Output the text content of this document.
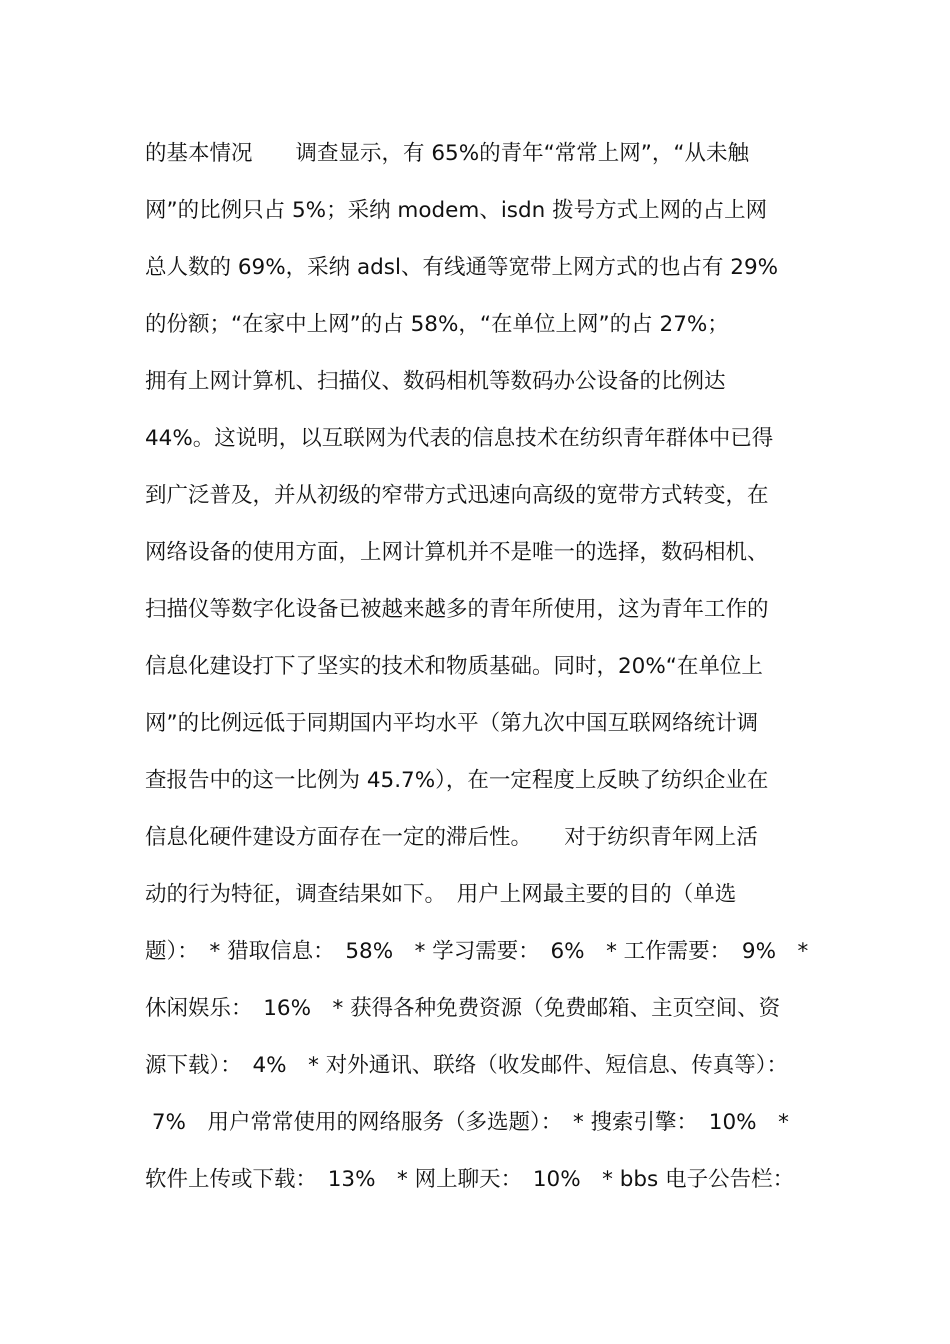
的基本情况　　调查显示，有 65%的青年“常常上网”，“从未触
网”的比例只占 5%；采纳 modem、isdn 拨号方式上网的占上网
总人数的 69%，采纳 adsl、有线通等宽带上网方式的也占有 29%
的份额；“在家中上网”的占 58%，“在单位上网”的占 27%；
拥有上网计算机、扫描仪、数码相机等数码办公设备的比例达
44%。这说明，以互联网为代表的信息技术在纺织青年群体中已得
到广泛普及，并从初级的窄带方式迅速向高级的宽带方式转变，在
网络设备的使用方面，上网计算机并不是唯一的选择，数码相机、
扫描仪等数字化设备已被越来越多的青年所使用，这为青年工作的
信息化建设打下了坚实的技术和物质基础。同时，20%“在单位上
网”的比例远低于同期国内平均水平（第九次中国互联网络统计调
查报告中的这一比例为 45.7%），在一定程度上反映了纺织企业在
信息化硬件建设方面存在一定的滞后性。　　对于纺织青年网上活
动的行为特征，调查结果如下。　用户上网最主要的目的（单选
题）：　* 猎取信息：　58%　* 学习需要：　6%　* 工作需要：　9%　*
休闲娱乐：　16%　* 获得各种免费资源（免费邮箱、主页空间、资
源下载）：　4%　* 对外通讯、联络（收发邮件、短信息、传真等）：
7%　用户常常使用的网络服务（多选题）：　* 搜索引擎：　10%　*
软件上传或下载：　13%　* 网上聊天：　10%　* bbs 电子公告栏：
